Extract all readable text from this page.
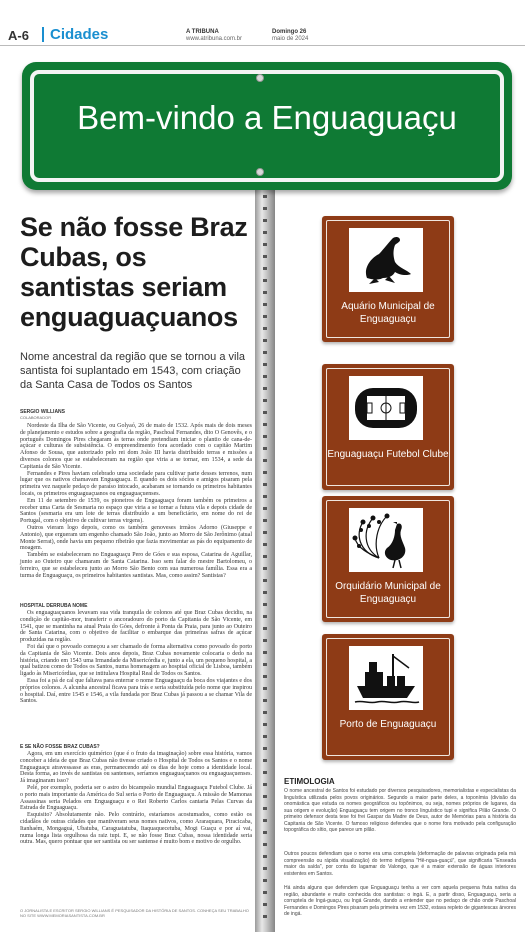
A-6 Cidades	A TRIBUNA
www.atribuna.com.br
Domingo 26
maio de 2024
Bem-vindo a Enguaguaçu
Se não fosse Braz Cubas, os santistas seriam enguaguaçuanos

Nome ancestral da região que se tornou a vila santista foi suplantado em 1543, com criação da Santa Casa de Todos os Santos

SERGIO WILLIANS
COLABORADOR

Nordeste da Ilha de São Vicente, ou Golyaó, 26 de maio de 1532. Após mais de dois meses de planejamento e estudos sobre a geografia da região, Paschoal Fernandes, dito O Genovês, e o português Domingos Pires chegaram às terras onde pretendiam iniciar o plantio de cana-de-açúcar e culturas de subsistência. O empreendimento fora acordado com o capitão Martim Afonso de Sousa, que autorizado pelo rei dom João III havia distribuído terras e missões a diversos colonos que se estabeleceram na região que viria a se tornar, em 1534, a sede da Capitania de São Vicente.

Fernandes e Pires haviam celebrado uma sociedade para cultivar parte desses terrenos, num lugar que os nativos chamavam Enguaguaçu. E quando os dois sócios e amigos pisaram pela primeira vez naquele pedaço de paraíso intocado, acabaram se tornando os primeiros habitantes locais, os primeiros enguaguaçuanos ou enguaguaçuenses.

Em 11 de setembro de 1539, os pioneiros de Enguaguaçu foram também os primeiros a receber uma Carta de Sesmaria no espaço que viria a se tornar a futura vila e depois cidade de Santos (sesmaria era um lote de terras distribuído a um beneficiário, em nome do rei de Portugal, com o objetivo de cultivar terras virgens).

Outros vieram logo depois, como os também genoveses irmãos Adorno (Giuseppe e Antonio), que ergueram um engenho chamado São João, junto ao Morro de São Jerônimo (atual Monte Serrat), onde havia um pequeno ribeirão que fazia movimentar as pás do equipamento de moagem.

Também se estabeleceram no Enguaguaçu Pero de Góes e sua esposa, Catarina de Aguillar, junto ao Outeiro que chamaram de Santa Catarina. Isso sem falar do mestre Bartolomeu, o ferreiro, que se estabeleceu junto ao Morro São Bento com sua numerosa família. Essa era a turma de Enguaguaçu, os primeiros habitantes santistas. Mas, como assim? Santistas?

HOSPITAL DERRUBA NOME

Os enguaguaçuanos levavam sua vida tranquila de colonos até que Braz Cubas decidiu, na condição de capitão-mor, transferir o ancoradouro do porto da Capitania de São Vicente, em 1541, que se mantinha na atual Praia do Góes, defronte à Ponta da Praia, para junto ao Outeiro de Santa Catarina, com o objetivo de facilitar o embarque das primeiras safras de açúcar produzidas na região.

Foi daí que o povoado começou a ser chamado de forma alternativa como povoado do porto da Capitania de São Vicente. Dois anos depois, Braz Cubas novamente colocaria o dedo na história, criando em 1543 uma Irmandade da Misericórdia e, junto a ela, um pequeno hospital, a qual batizou como de Todos os Santos, numa homenagem ao hospital oficial de Lisboa, também ligado às Misericórdias, que se intitulava Hospital Real de Todos os Santos.

Essa foi a pá de cal que faltava para enterrar o nome Enguaguaçu da boca dos viajantes e dos próprios colonos. A alcunha ancestral ficava para trás e seria substituída pelo nome que inspirou o hospital. Daí, entre 1545 e 1546, a vila fundada por Braz Cubas já passou a se chamar Vila de Santos.

E SE NÃO FOSSE BRAZ CUBAS?

Agora, em um exercício quimérico (que é o fruto da imaginação) sobre essa história, vamos conceber a ideia de que Braz Cubas não tivesse criado o Hospital de Todos os Santos e o nome Enguaguaçu atravessasse as eras, permanecendo até os dias de hoje como a identidade local. Desta forma, ao invés de santistas ou santenses, seríamos enguaguaçuanos ou enguaguaçuenses. Já imaginaram isso?

Pelé, por exemplo, poderia ser o astro do bicampeão mundial Enguaguaçu Futebol Clube. Já o porto mais importante da América do Sul seria o Porto de Enguaguaçu. A missão de Mamonas Assassinas seria Pelados em Enguaguaçu e o Rei Roberto Carlos cantaria Pelas Curvas da Estrada de Enguaguaçu.

Esquisito? Absolutamente não. Pelo contrário, estaríamos acostumados, como estão os cidadãos de outras cidades que mantiveram seus nomes nativos, como Araraquara, Piracicaba, Itanhaém, Mongaguá, Ubatuba, Caraguatatuba, Itaquaquecetuba, Mogi Guaçu e por aí vai, numa longa lista orgulhosa da raiz tupi. E, se não fosse Braz Cubas, nossa identidade seria outra. Mas, quero pontuar que ser santista ou ser santense é muito bom e motivo de orgulho.

O JORNALISTA E ESCRITOR SERGIO WILLIANS É PESQUISADOR DA HISTÓRIA DE SANTOS. CONHEÇA SEU TRABALHO NO SITE WWW.MEMORIASANTISTA.COM.BR
Aquário Municipal de Enguaguaçu
Enguaguaçu Futebol Clube
Orquidário Municipal de Enguaguaçu
Porto de Enguaguaçu
ETIMOLOGIA

O nome ancestral de Santos foi estudado por diversos pesquisadores, memorialistas e especialistas da linguística utilizada pelos povos originários. Segundo a maior parte deles, a toponímia (divisão da onomástica que estuda os nomes geográficos ou topônimos, ou seja, nomes próprios de lugares, da sua origem e evolução) Enguaguaçu tem origem no tronco linguístico tupi e significa Pilão Grande. O primeiro defensor desta tese foi frei Gaspar da Madre de Deus, autor de Memórias para a história da Capitania de São Vicente. O famoso religioso defendeu que o nome fora motivado pela configuração topográfica do sítio, que parece um pilão.

Outros poucos defendiam que o nome era uma corruptela (deformação de palavras originada pela má compreensão ou rápida visualização) do termo indígena "Hê-ngua-guaçú", que significaria "Enseada maior da saída", por conta do lagamar do Valongo, que é a maior extensão de águas interiores existentes em Santos.

Há ainda alguns que defendem que Enguaguaçu tenha a ver com aquela pequena fruta nativa da região, abundante e muito conhecida dos santistas: o ingá. E, a partir disso, Enguaguaçu, seria a corruptela de Ingá-guaçu, ou Ingá Grande, dando a entender que no pedaço de chão onde Paschoal Fernandes e Domingos Pires pisaram pela primeira vez em 1532, estava repleto de gigantescas árvores de ingá.
